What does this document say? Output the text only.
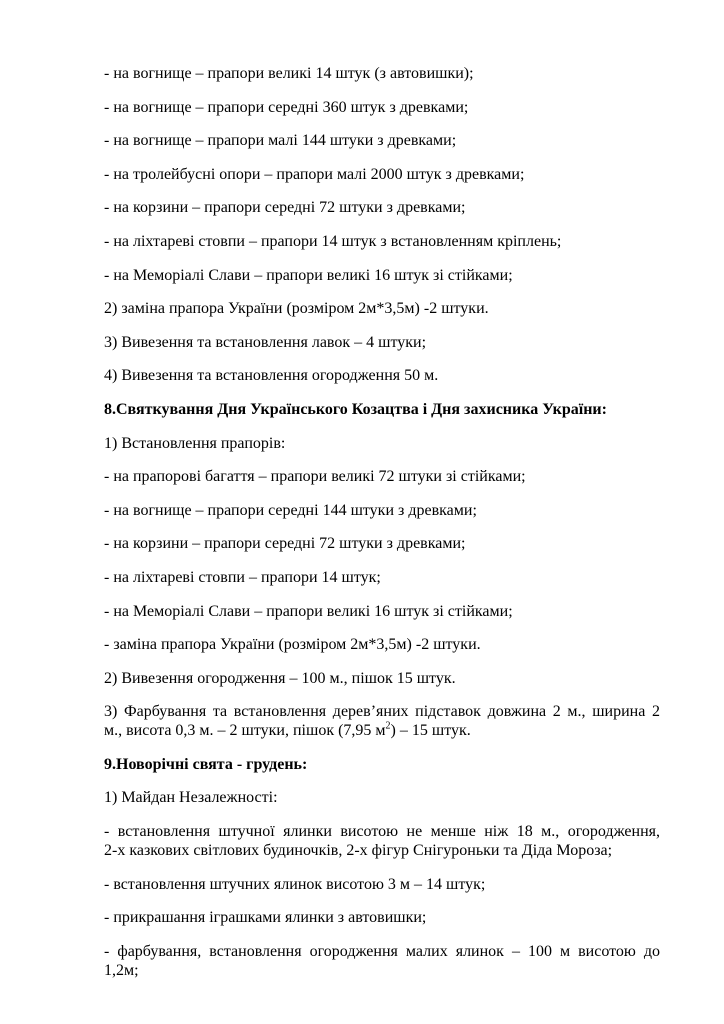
- на вогнище – прапори великі 14 штук (з автовишки);

- на вогнище – прапори середні 360 штук з древками;

- на вогнище – прапори малі 144 штуки з древками;

- на тролейбусні опори – прапори малі 2000 штук з древками;

- на корзини – прапори середні 72 штуки з древками;

- на ліхтареві стовпи – прапори 14 штук з встановленням кріплень;

- на Меморіалі Слави – прапори великі 16 штук зі стійками;

2) заміна прапора України (розміром 2м*3,5м) -2 штуки.

3) Вивезення та встановлення лавок – 4 штуки;

4) Вивезення та встановлення огородження 50 м.

8.Святкування Дня Українського Козацтва і Дня захисника України:

1) Встановлення прапорів:

- на прапорові багаття – прапори великі 72 штуки зі стійками;

- на вогнище – прапори середні 144 штуки з древками;

- на корзини – прапори середні 72 штуки з древками;

- на ліхтареві стовпи – прапори 14 штук;

- на Меморіалі Слави – прапори великі 16 штук зі стійками;

- заміна прапора України (розміром 2м*3,5м) -2 штуки.

2) Вивезення огородження – 100 м., пішок 15 штук.

3) Фарбування та встановлення дерев’яних підставок довжина 2 м., ширина 2
м., висота 0,3 м. – 2 штуки, пішок (7,95 $м^2) - 15$ штук.

9.Новорічні свята - грудень:

1) Майдан Незалежності:

- встановлення штучної ялинки висотою не менше ніж 18 м., огородження,
2-х казкових світлових будиночків, 2-х фігур Снігуроньки та Діда Мороза;

- встановлення штучних ялинок висотою 3 м – 14 штук;

- прикрашання іграшками ялинки з автовишки;

- фарбування, встановлення огородження малих ялинок – 100 м висотою до
1,2м;
